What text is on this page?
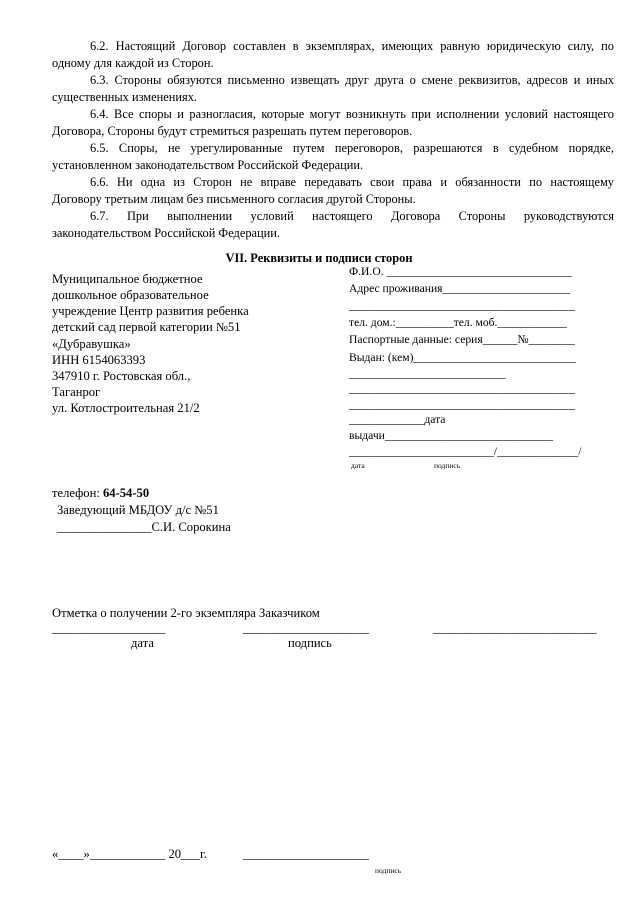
6.2. Настоящий Договор составлен в экземплярах, имеющих равную юридическую силу, по
одному для каждой из Сторон.
6.3. Стороны обязуются письменно извещать друг друга о смене реквизитов, адресов и иных
существенных изменениях.
6.4. Все споры и разногласия, которые могут возникнуть при исполнении условий настоящего
Договора, Стороны будут стремиться разрешать путем переговоров.
6.5. Споры, не урегулированные путем переговоров, разрешаются в судебном порядке,
установленном законодательством Российской Федерации.
6.6. Ни одна из Сторон не вправе передавать свои права и обязанности по настоящему
Договору третьим лицам без письменного согласия другой Стороны.
6.7. При выполнении условий настоящего Договора Стороны руководствуются
законодательством Российской Федерации.
VII. Реквизиты и подписи сторон
Муниципальное бюджетное
дошкольное образовательное
учреждение Центр развития ребенка
детский сад первой категории №51
«Дубравушка»
ИНН 6154063393
347910 г. Ростовская обл.,
Таганрог
ул. Котлостроительная 21/2
телефон: 64-54-50
Заведующий МБДОУ д/с №51
_______________С.И. Сорокина
Ф.И.О. ________________________________
Адрес проживания______________________
_______________________________________
тел. дом.:__________тел. моб.____________
Паспортные данные: серия______№________
Выдан: (кем)____________________________
___________________________
_______________________________________
_______________________________________
_____________дата
выдачи_____________________________
_________________________/______________/
дата	подпись
Отметка о получении 2-го экземпляра Заказчиком
__________________	____________________	__________________________
дата	подпись
«____»____________ 20___г.	____________________
подпись
